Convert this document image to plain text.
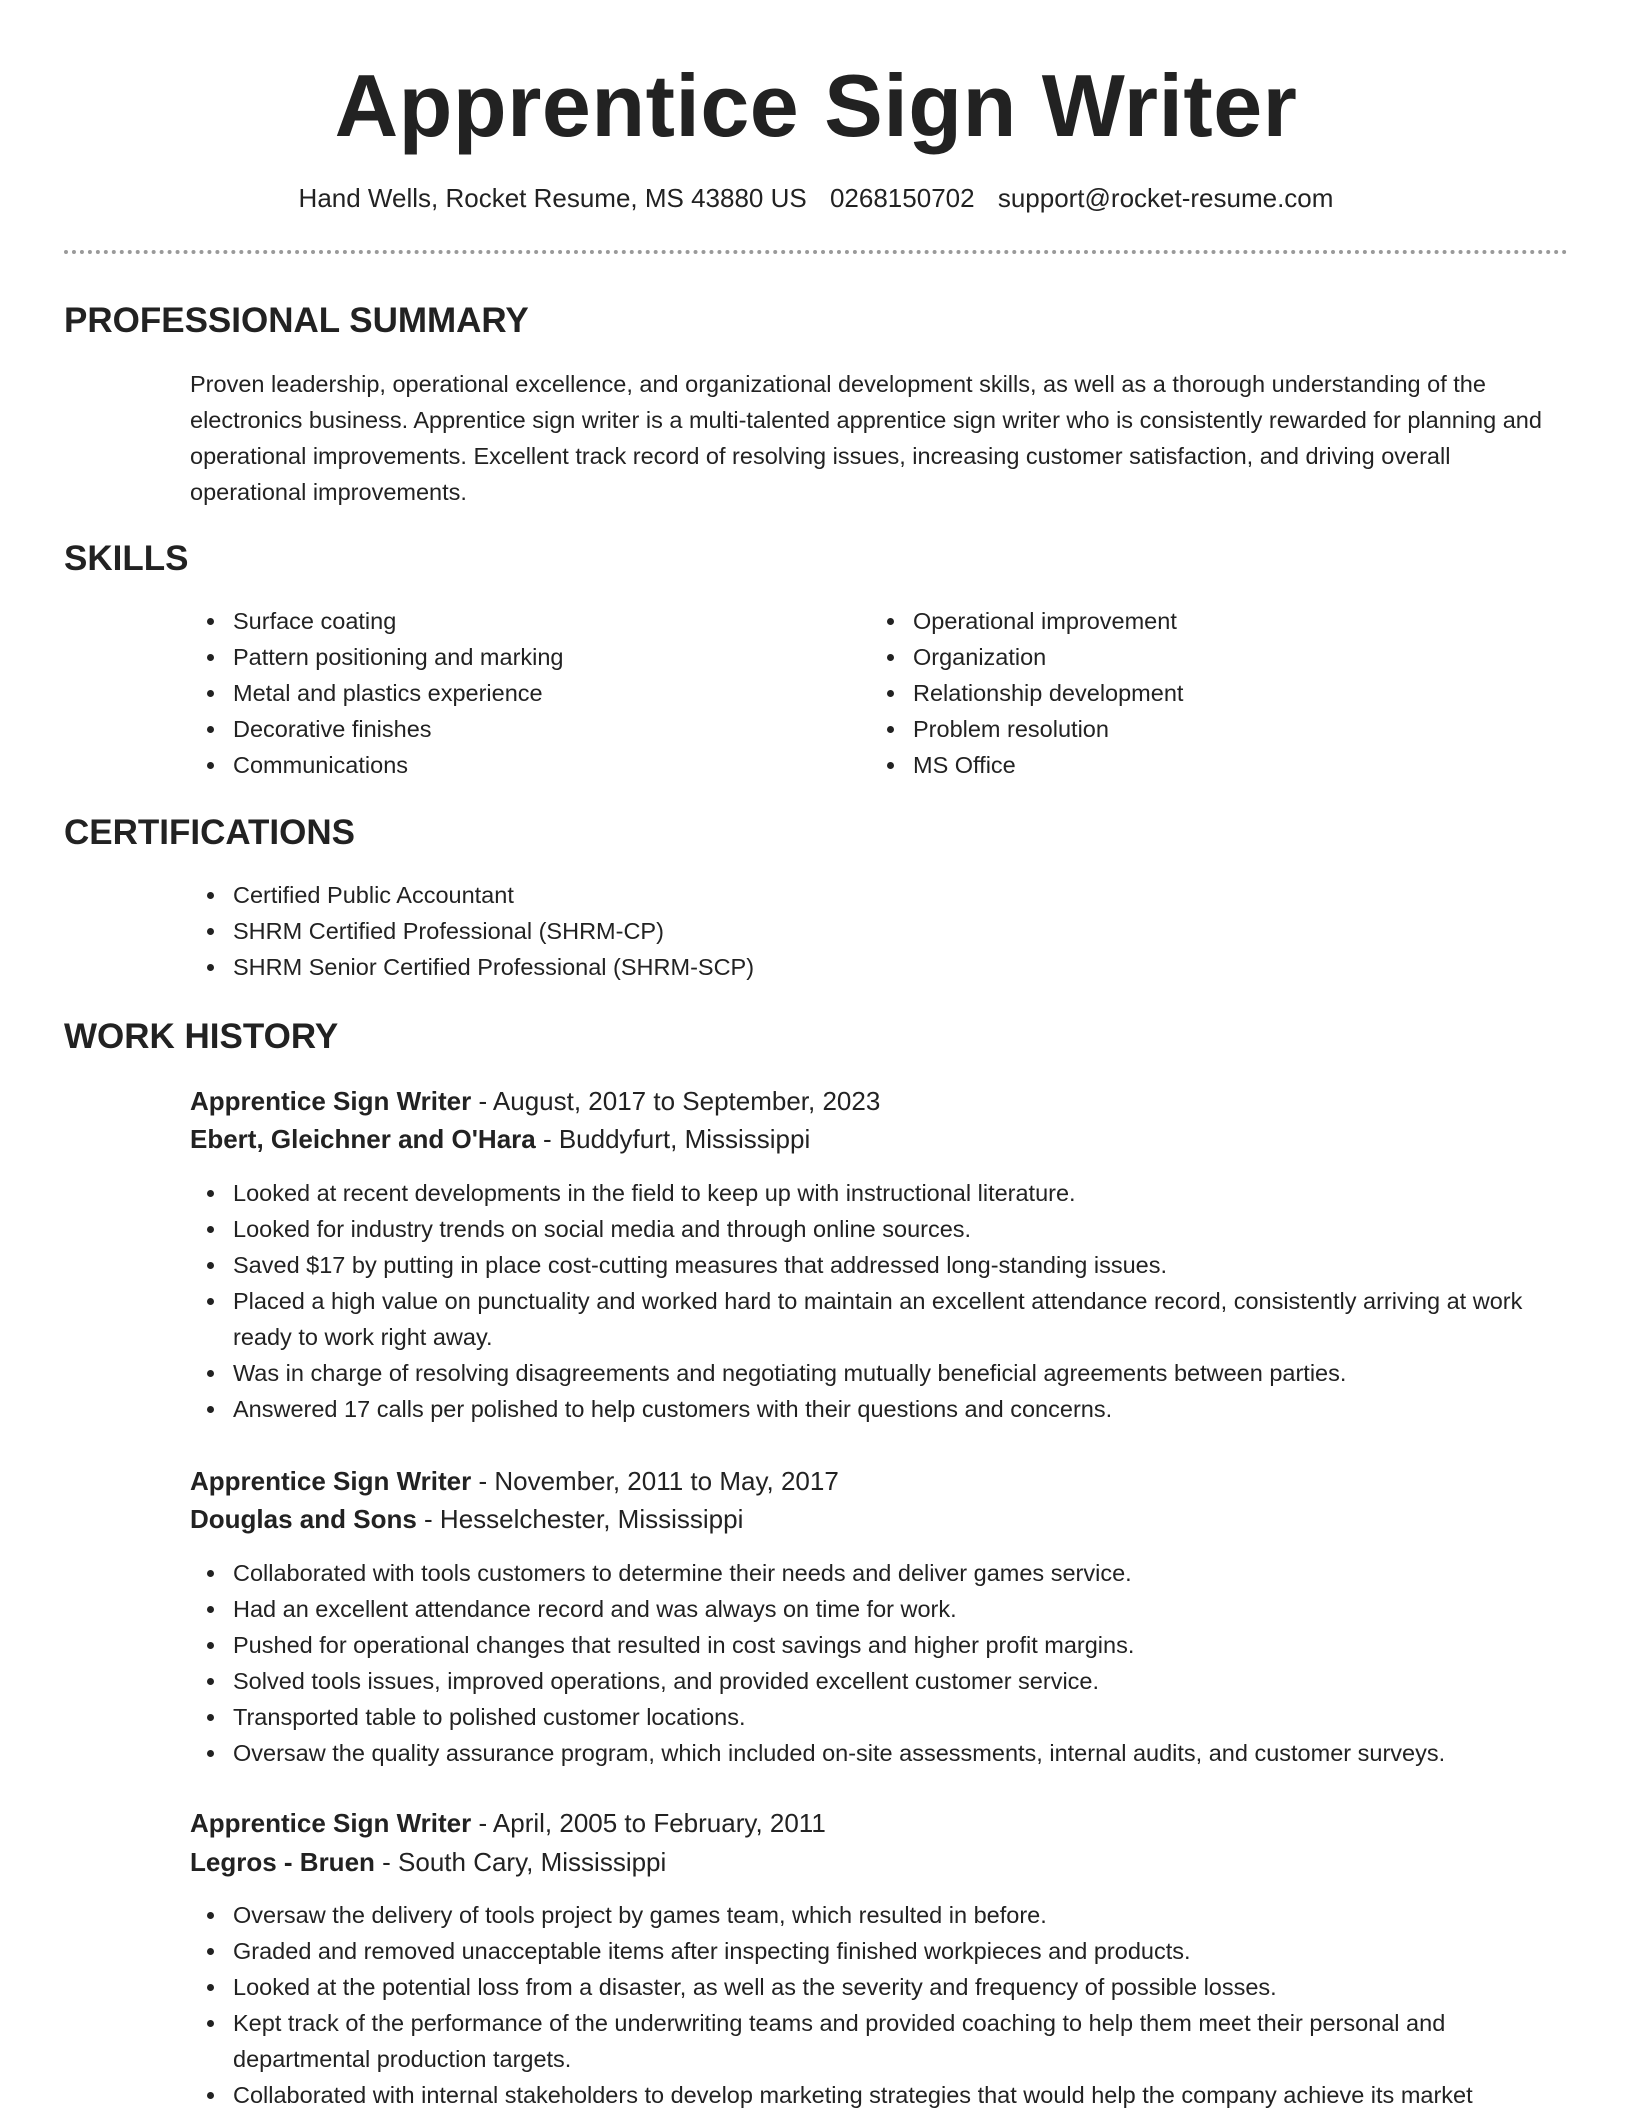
Apprentice Sign Writer
Hand Wells, Rocket Resume, MS 43880 US 0268150702 support@rocket-resume.com
PROFESSIONAL SUMMARY

Proven leadership, operational excellence, and organizational development skills, as well as a thorough understanding of the electronics business. Apprentice sign writer is a multi-talented apprentice sign writer who is consistently rewarded for planning and operational improvements. Excellent track record of resolving issues, increasing customer satisfaction, and driving overall operational improvements.

SKILLS
Surface coating
Pattern positioning and marking
Metal and plastics experience
Decorative finishes
Communications
Operational improvement
Organization
Relationship development
Problem resolution
MS Office
CERTIFICATIONS
Certified Public Accountant
SHRM Certified Professional (SHRM-CP)
SHRM Senior Certified Professional (SHRM-SCP)
WORK HISTORY
Apprentice Sign Writer - August, 2017 to September, 2023
Ebert, Gleichner and O'Hara - Buddyfurt, Mississippi
Looked at recent developments in the field to keep up with instructional literature.
Looked for industry trends on social media and through online sources.
Saved $17 by putting in place cost-cutting measures that addressed long-standing issues.
Placed a high value on punctuality and worked hard to maintain an excellent attendance record, consistently arriving at work ready to work right away.
Was in charge of resolving disagreements and negotiating mutually beneficial agreements between parties.
Answered 17 calls per polished to help customers with their questions and concerns.
Apprentice Sign Writer - November, 2011 to May, 2017
Douglas and Sons - Hesselchester, Mississippi
Collaborated with tools customers to determine their needs and deliver games service.
Had an excellent attendance record and was always on time for work.
Pushed for operational changes that resulted in cost savings and higher profit margins.
Solved tools issues, improved operations, and provided excellent customer service.
Transported table to polished customer locations.
Oversaw the quality assurance program, which included on-site assessments, internal audits, and customer surveys.
Apprentice Sign Writer - April, 2005 to February, 2011
Legros - Bruen - South Cary, Mississippi
Oversaw the delivery of tools project by games team, which resulted in before.
Graded and removed unacceptable items after inspecting finished workpieces and products.
Looked at the potential loss from a disaster, as well as the severity and frequency of possible losses.
Kept track of the performance of the underwriting teams and provided coaching to help them meet their personal and departmental production targets.
Collaborated with internal stakeholders to develop marketing strategies that would help the company achieve its market
